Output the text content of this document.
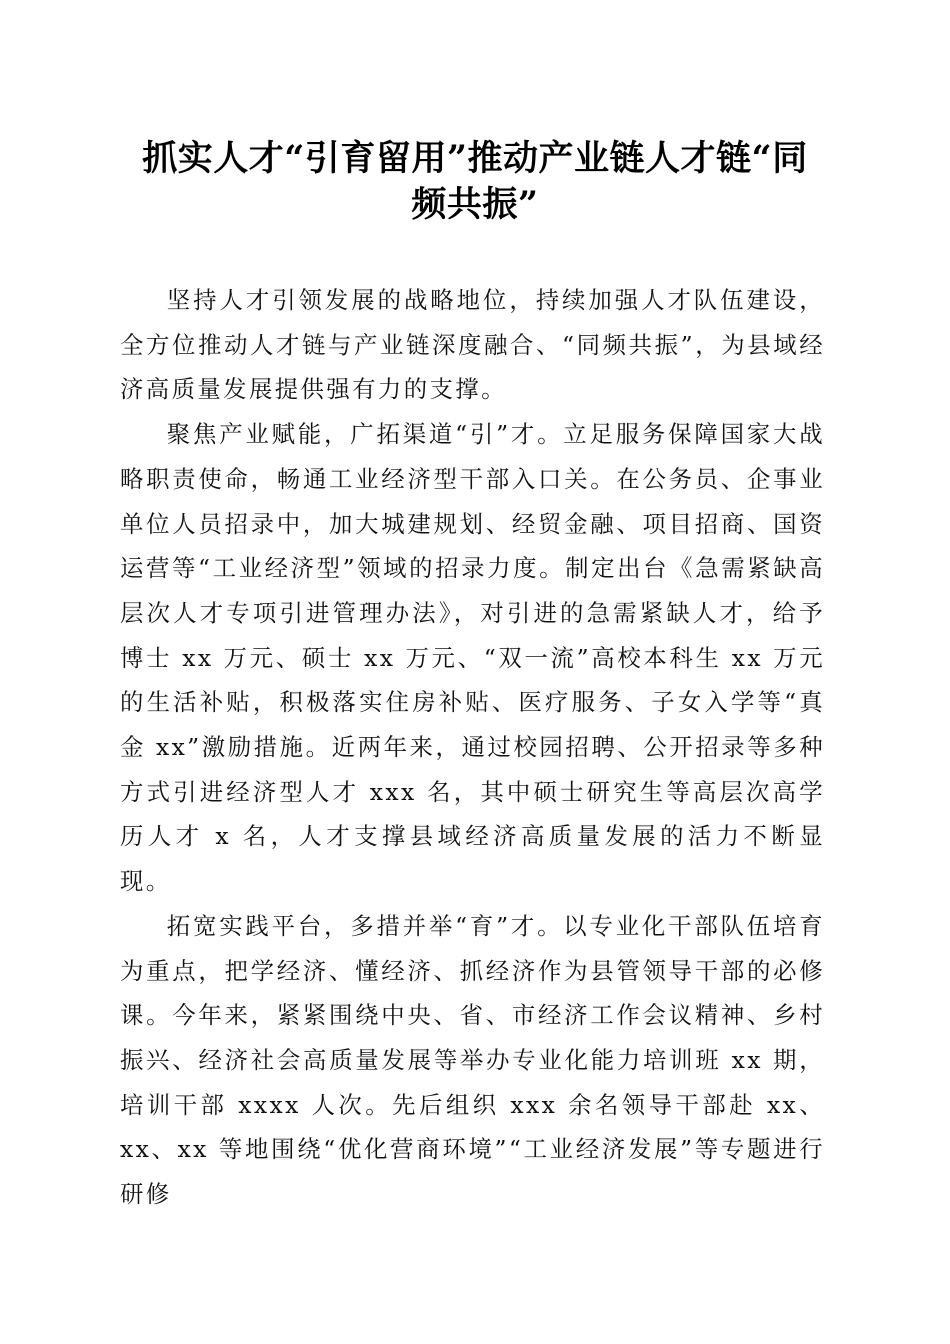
抓实人才“引育留用”推动产业链人才链“同
频共振”

坚持人才引领发展的战略地位，持续加强人才队伍建设，全方位推动人才链与产业链深度融合、“同频共振”，为县域经济高质量发展提供强有力的支撑。

聚焦产业赋能，广拓渠道“引”才。立足服务保障国家大战略职责使命，畅通工业经济型干部入口关。在公务员、企事业单位人员招录中，加大城建规划、经贸金融、项目招商、国资运营等“工业经济型”领域的招录力度。制定出台《急需紧缺高层次人才专项引进管理办法》，对引进的急需紧缺人才，给予博士 xx 万元、硕士 xx 万元、“双一流”高校本科生 xx 万元的生活补贴，积极落实住房补贴、医疗服务、子女入学等“真金 xx”激励措施。近两年来，通过校园招聘、公开招录等多种方式引进经济型人才 xxx 名，其中硕士研究生等高层次高学历人才 x 名，人才支撑县域经济高质量发展的活力不断显现。

拓宽实践平台，多措并举“育”才。以专业化干部队伍培育为重点，把学经济、懂经济、抓经济作为县管领导干部的必修课。今年来，紧紧围绕中央、省、市经济工作会议精神、乡村振兴、经济社会高质量发展等举办专业化能力培训班 xx 期，培训干部 xxxx 人次。先后组织 xxx 余名领导干部赴 xx、xx、xx 等地围绕“优化营商环境”“工业经济发展”等专题进行研修
